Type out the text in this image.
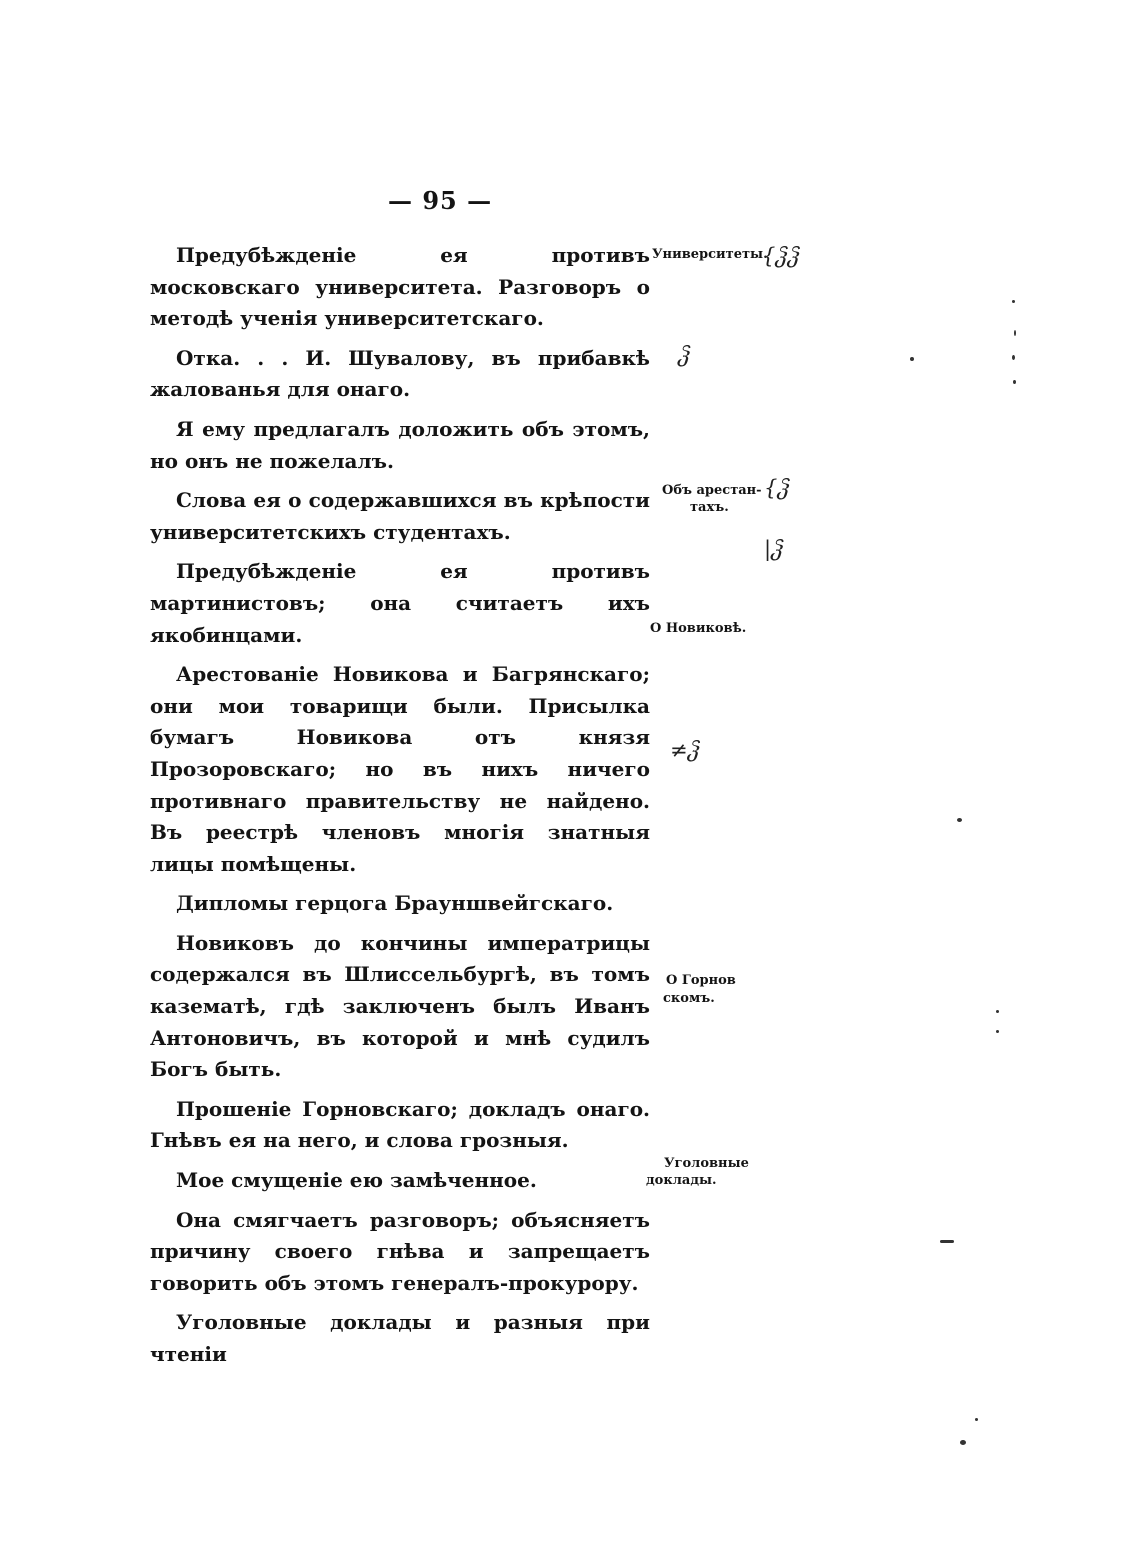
— 95 —

Предубѣжденіе ея противъ московскаго университета. Разговоръ о методѣ ученія университетскаго.

Отка. . . И. Шувалову, въ прибавкѣ жалованья для онаго.

Я ему предлагалъ доложить объ этомъ, но онъ не пожелалъ.

Слова ея о содержавшихся въ крѣпости университетскихъ студентахъ.

Предубѣжденіе ея противъ мартинистовъ; она считаетъ ихъ якобинцами.

Арестованіе Новикова и Багрянскаго; они мои товарищи были. Присылка бумагъ Новикова отъ князя Прозоровскаго; но въ нихъ ничего противнаго правительству не найдено. Въ реестрѣ членовъ многія знатныя лицы помѣщены.

Дипломы герцога Брауншвейгскаго.

Новиковъ до кончины императрицы содержался въ Шлиссельбургѣ, въ томъ казематѣ, гдѣ заключенъ былъ Иванъ Антоновичъ, въ которой и мнѣ судилъ Богъ быть.

Прошеніе Горновскаго; докладъ онаго. Гнѣвъ ея на него, и слова грозныя.

Мое смущеніе ею замѣченное.

Она смягчаетъ разговоръ; объясняетъ причину своего гнѣва и запрещаетъ говорить объ этомъ генералъ-прокурору.

Уголовные доклады и разныя при чтеніи

Университеты.
Объ арестан-
тахъ.
О Новиковѣ.
О Горнов
скомъ.
Уголовные
доклады.
{ჴჴ
ჴ
{ჴ
|ჴ
≠ჴ
